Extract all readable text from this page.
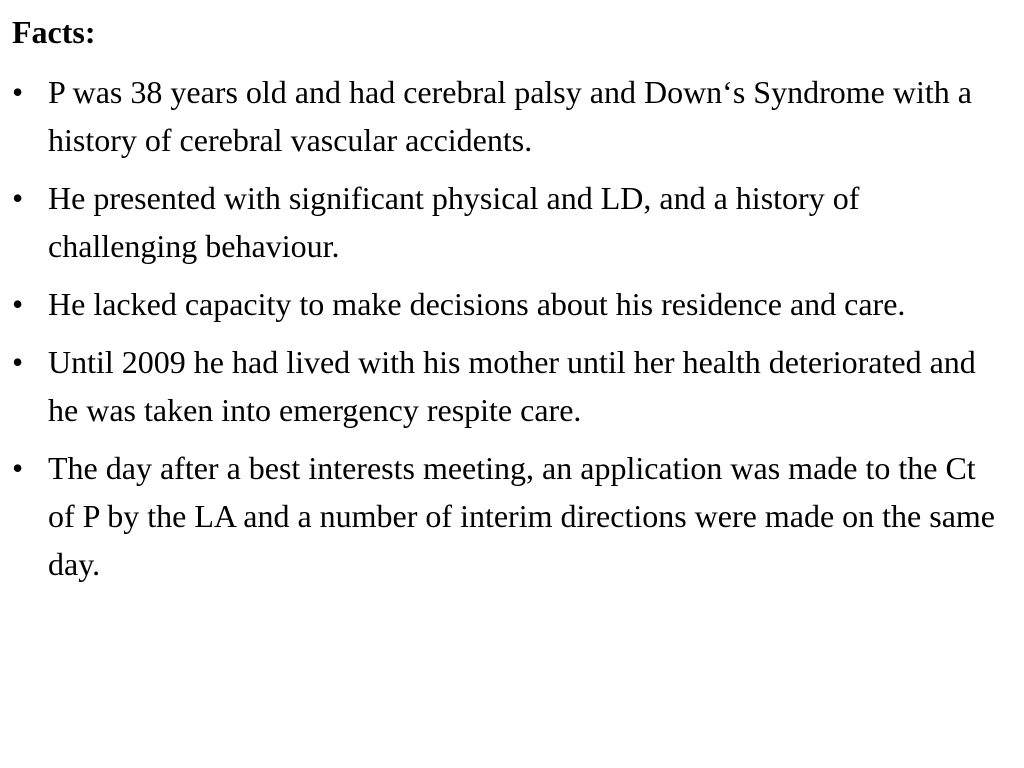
Facts:
• P was 38 years old and had cerebral palsy and Down‘s Syndrome with a history of cerebral vascular accidents.
• He presented with significant physical and LD, and a history of challenging behaviour.
• He lacked capacity to make decisions about his residence and care.
• Until 2009 he had lived with his mother until her health deteriorated and he was taken into emergency respite care.
• The day after a best interests meeting, an application was made to the Ct of P by the LA and a number of interim directions were made on the same day.
